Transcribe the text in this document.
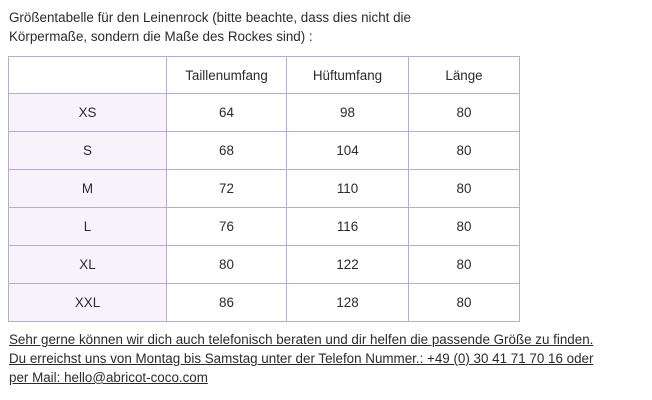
Größentabelle für den Leinenrock (bitte beachte, dass dies nicht die
Körpermaße, sondern die Maße des Rockes sind) :

	Taillenumfang	Hüftumfang	Länge
XS	64	98	80
S	68	104	80
M	72	110	80
L	76	116	80
XL	80	122	80
XXL	86	128	80

Sehr gerne können wir dich auch telefonisch beraten und dir helfen die passende Größe zu finden.
Du erreichst uns von Montag bis Samstag unter der Telefon Nummer.: +49 (0) 30 41 71 70 16 oder
per Mail: hello@abricot-coco.com
